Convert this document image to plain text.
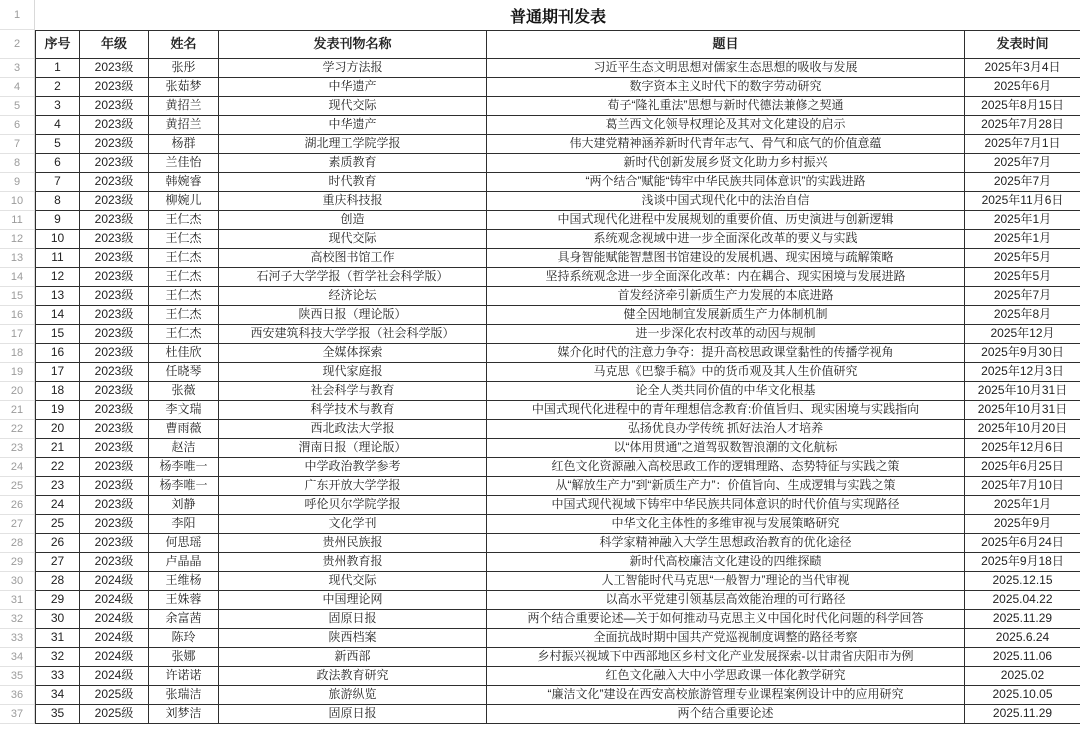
1
2
3
4
5
6
7
8
9
10
11
12
13
14
15
16
17
18
19
20
21
22
23
24
25
26
27
28
29
30
31
32
33
34
35
36
37
普通期刊发表
序号	年级	姓名	发表刊物名称	题目	发表时间
1	2023级	张彤	学习方法报	习近平生态文明思想对儒家生态思想的吸收与发展	2025年3月4日
2	2023级	张茹梦	中华遗产	数字资本主义时代下的数字劳动研究	2025年6月
3	2023级	黄招兰	现代交际	荀子“隆礼重法”思想与新时代德法兼修之契通	2025年8月15日
4	2023级	黄招兰	中华遗产	葛兰西文化领导权理论及其对文化建设的启示	2025年7月28日
5	2023级	杨群	湖北理工学院学报	伟大建党精神涵养新时代青年志气、骨气和底气的价值意蕴	2025年7月1日
6	2023级	兰佳怡	素质教育	新时代创新发展乡贤文化助力乡村振兴	2025年7月
7	2023级	韩婉睿	时代教育	“两个结合”赋能“铸牢中华民族共同体意识”的实践进路	2025年7月
8	2023级	柳婉儿	重庆科技报	浅谈中国式现代化中的法治自信	2025年11月6日
9	2023级	王仁杰	创造	中国式现代化进程中发展规划的重要价值、历史演进与创新逻辑	2025年1月
10	2023级	王仁杰	现代交际	系统观念视域中进一步全面深化改革的要义与实践	2025年1月
11	2023级	王仁杰	高校图书馆工作	具身智能赋能智慧图书馆建设的发展机遇、现实困境与疏解策略	2025年5月
12	2023级	王仁杰	石河子大学学报（哲学社会科学版）	坚持系统观念进一步全面深化改革：内在耦合、现实困境与发展进路	2025年5月
13	2023级	王仁杰	经济论坛	首发经济牵引新质生产力发展的本底进路	2025年7月
14	2023级	王仁杰	陕西日报（理论版）	健全因地制宜发展新质生产力体制机制	2025年8月
15	2023级	王仁杰	西安建筑科技大学学报（社会科学版）	进一步深化农村改革的动因与规制	2025年12月
16	2023级	杜佳欣	全媒体探索	媒介化时代的注意力争夺：提升高校思政课堂黏性的传播学视角	2025年9月30日
17	2023级	任晓琴	现代家庭报	马克思《巴黎手稿》中的货币观及其人生价值研究	2025年12月3日
18	2023级	张薇	社会科学与教育	论全人类共同价值的中华文化根基	2025年10月31日
19	2023级	李文瑞	科学技术与教育	中国式现代化进程中的青年理想信念教育:价值旨归、现实困境与实践指向	2025年10月31日
20	2023级	曹雨薇	西北政法大学报	弘扬优良办学传统 抓好法治人才培养	2025年10月20日
21	2023级	赵洁	渭南日报（理论版）	以“体用贯通”之道驾驭数智浪潮的文化航标	2025年12月6日
22	2023级	杨李唯一	中学政治教学参考	红色文化资源融入高校思政工作的逻辑理路、态势特征与实践之策	2025年6月25日
23	2023级	杨李唯一	广东开放大学学报	从“解放生产力”到“新质生产力”：价值旨向、生成逻辑与实践之策	2025年7月10日
24	2023级	刘静	呼伦贝尔学院学报	中国式现代视域下铸牢中华民族共同体意识的时代价值与实现路径	2025年1月
25	2023级	李阳	文化学刊	中华文化主体性的多维审视与发展策略研究	2025年9月
26	2023级	何思瑶	贵州民族报	科学家精神融入大学生思想政治教育的优化途径	2025年6月24日
27	2023级	卢晶晶	贵州教育报	新时代高校廉洁文化建设的四维探赜	2025年9月18日
28	2024级	王维杨	现代交际	人工智能时代马克思“一般智力”理论的当代审视	2025.12.15
29	2024级	王姝蓉	中国理论网	以高水平党建引领基层高效能治理的可行路径	2025.04.22
30	2024级	余富茜	固原日报	两个结合重要论述—关于如何推动马克思主义中国化时代化问题的科学回答	2025.11.29
31	2024级	陈玲	陕西档案	全面抗战时期中国共产党巡视制度调整的路径考察	2025.6.24
32	2024级	张娜	新西部	乡村振兴视域下中西部地区乡村文化产业发展探索-以甘肃省庆阳市为例	2025.11.06
33	2024级	许诺诺	政法教育研究	红色文化融入大中小学思政课一体化教学研究	2025.02
34	2025级	张瑞洁	旅游纵览	“廉洁文化”建设在西安高校旅游管理专业课程案例设计中的应用研究	2025.10.05
35	2025级	刘梦洁	固原日报	两个结合重要论述	2025.11.29
